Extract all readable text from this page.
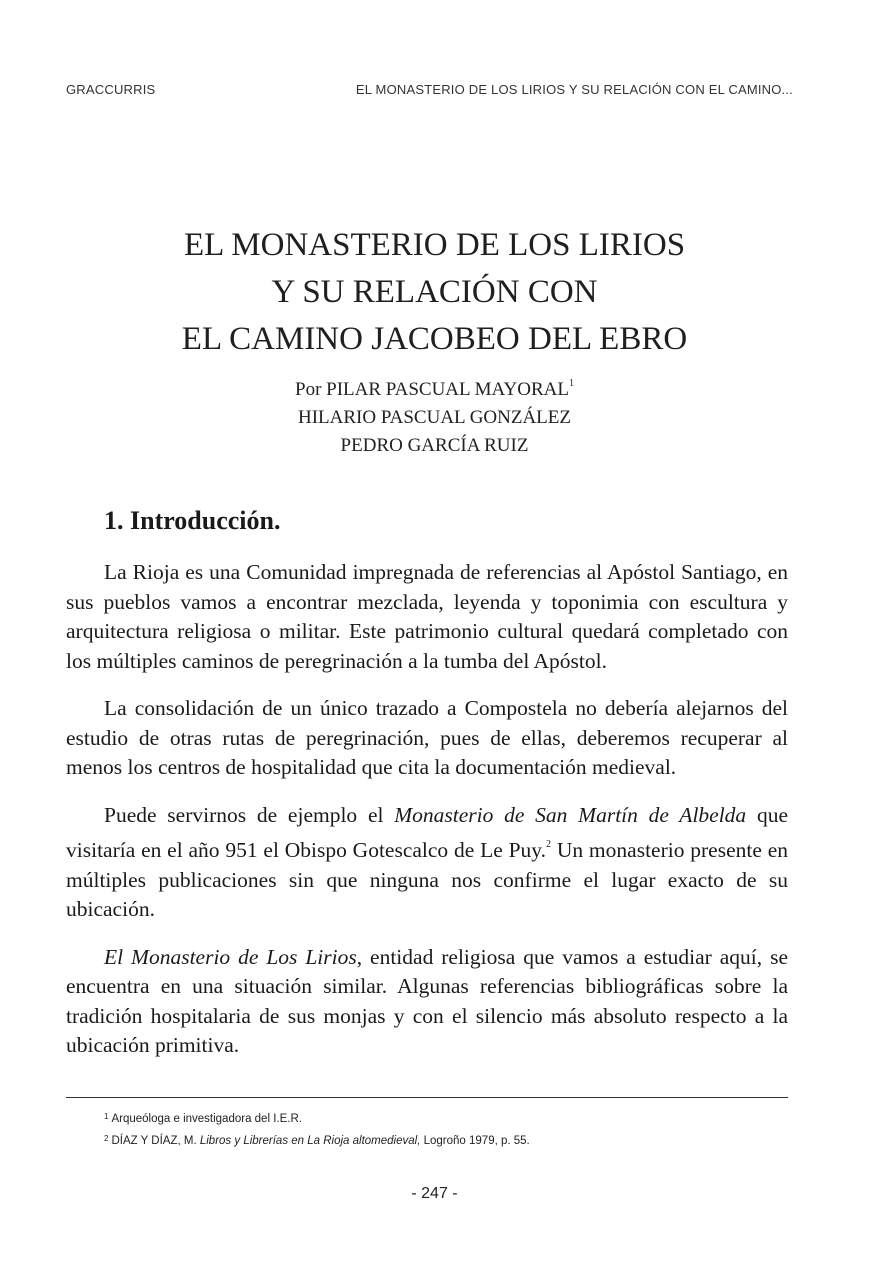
GRACCURRIS	EL MONASTERIO DE LOS LIRIOS Y SU RELACIÓN CON EL CAMINO...
EL MONASTERIO DE LOS LIRIOS
Y SU RELACIÓN CON
EL CAMINO JACOBEO DEL EBRO
Por PILAR PASCUAL MAYORAL$^1$
HILARIO PASCUAL GONZÁLEZ
PEDRO GARCÍA RUIZ
1. Introducción.

La Rioja es una Comunidad impregnada de referencias al Apóstol Santiago, en sus pueblos vamos a encontrar mezclada, leyenda y toponimia con escultura y arquitectura religiosa o militar. Este patrimonio cultural quedará completado con los múltiples caminos de peregrinación a la tumba del Apóstol.

La consolidación de un único trazado a Compostela no debería alejarnos del estudio de otras rutas de peregrinación, pues de ellas, deberemos recuperar al menos los centros de hospitalidad que cita la documentación medieval.

Puede servirnos de ejemplo el Monasterio de San Martín de Albelda que visitaría en el año 951 el Obispo Gotescalco de Le Puy.$^2$ Un monasterio presente en múltiples publicaciones sin que ninguna nos confirme el lugar exacto de su ubicación.

El Monasterio de Los Lirios, entidad religiosa que vamos a estudiar aquí, se encuentra en una situación similar. Algunas referencias bibliográficas sobre la tradición hospitalaria de sus monjas y con el silencio más absoluto respecto a la ubicación primitiva.

$^1$ Arqueóloga e investigadora del I.E.R.
$^2$ DÍAZ Y DÍAZ, M. Libros y Librerías en La Rioja altomedieval, Logroño 1979, p. 55.
- 247 -
